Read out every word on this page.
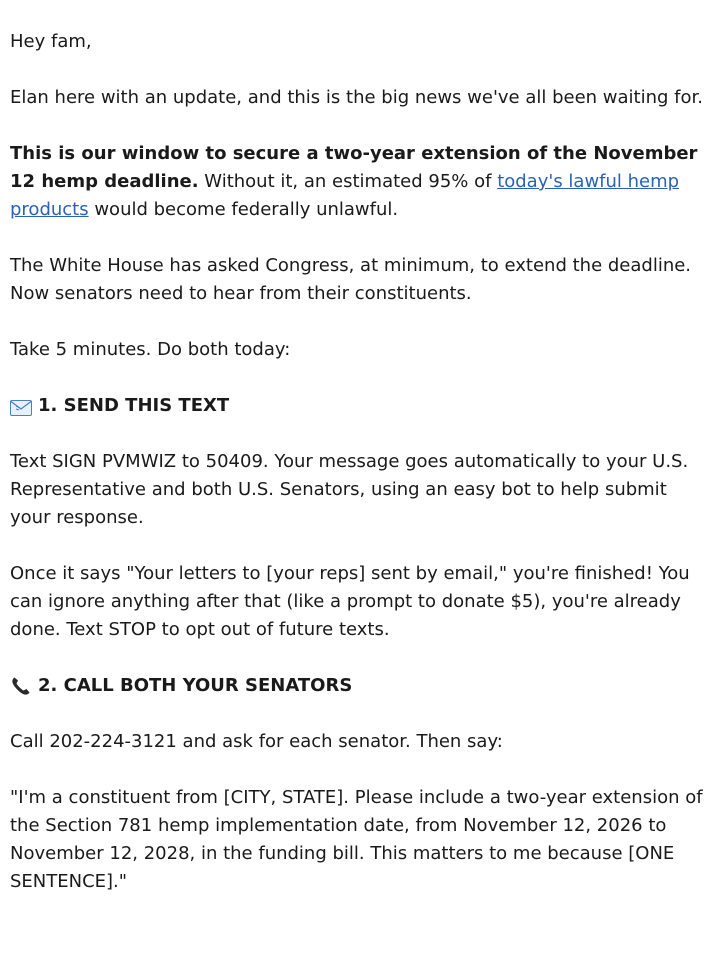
Hey fam,

Elan here with an update, and this is the big news we've all been waiting for.

This is our window to secure a two-year extension of the November 12 hemp deadline. Without it, an estimated 95% of today's lawful hemp products would become federally unlawful.

The White House has asked Congress, at minimum, to extend the deadline. Now senators need to hear from their constituents.

Take 5 minutes. Do both today:

1. SEND THIS TEXT

Text SIGN PVMWIZ to 50409. Your message goes automatically to your U.S. Representative and both U.S. Senators, using an easy bot to help submit your response.

Once it says "Your letters to [your reps] sent by email," you're finished! You can ignore anything after that (like a prompt to donate $5), you're already done. Text STOP to opt out of future texts.

2. CALL BOTH YOUR SENATORS

Call 202-224-3121 and ask for each senator. Then say:

"I'm a constituent from [CITY, STATE]. Please include a two-year extension of the Section 781 hemp implementation date, from November 12, 2026 to November 12, 2028, in the funding bill. This matters to me because [ONE SENTENCE]."
